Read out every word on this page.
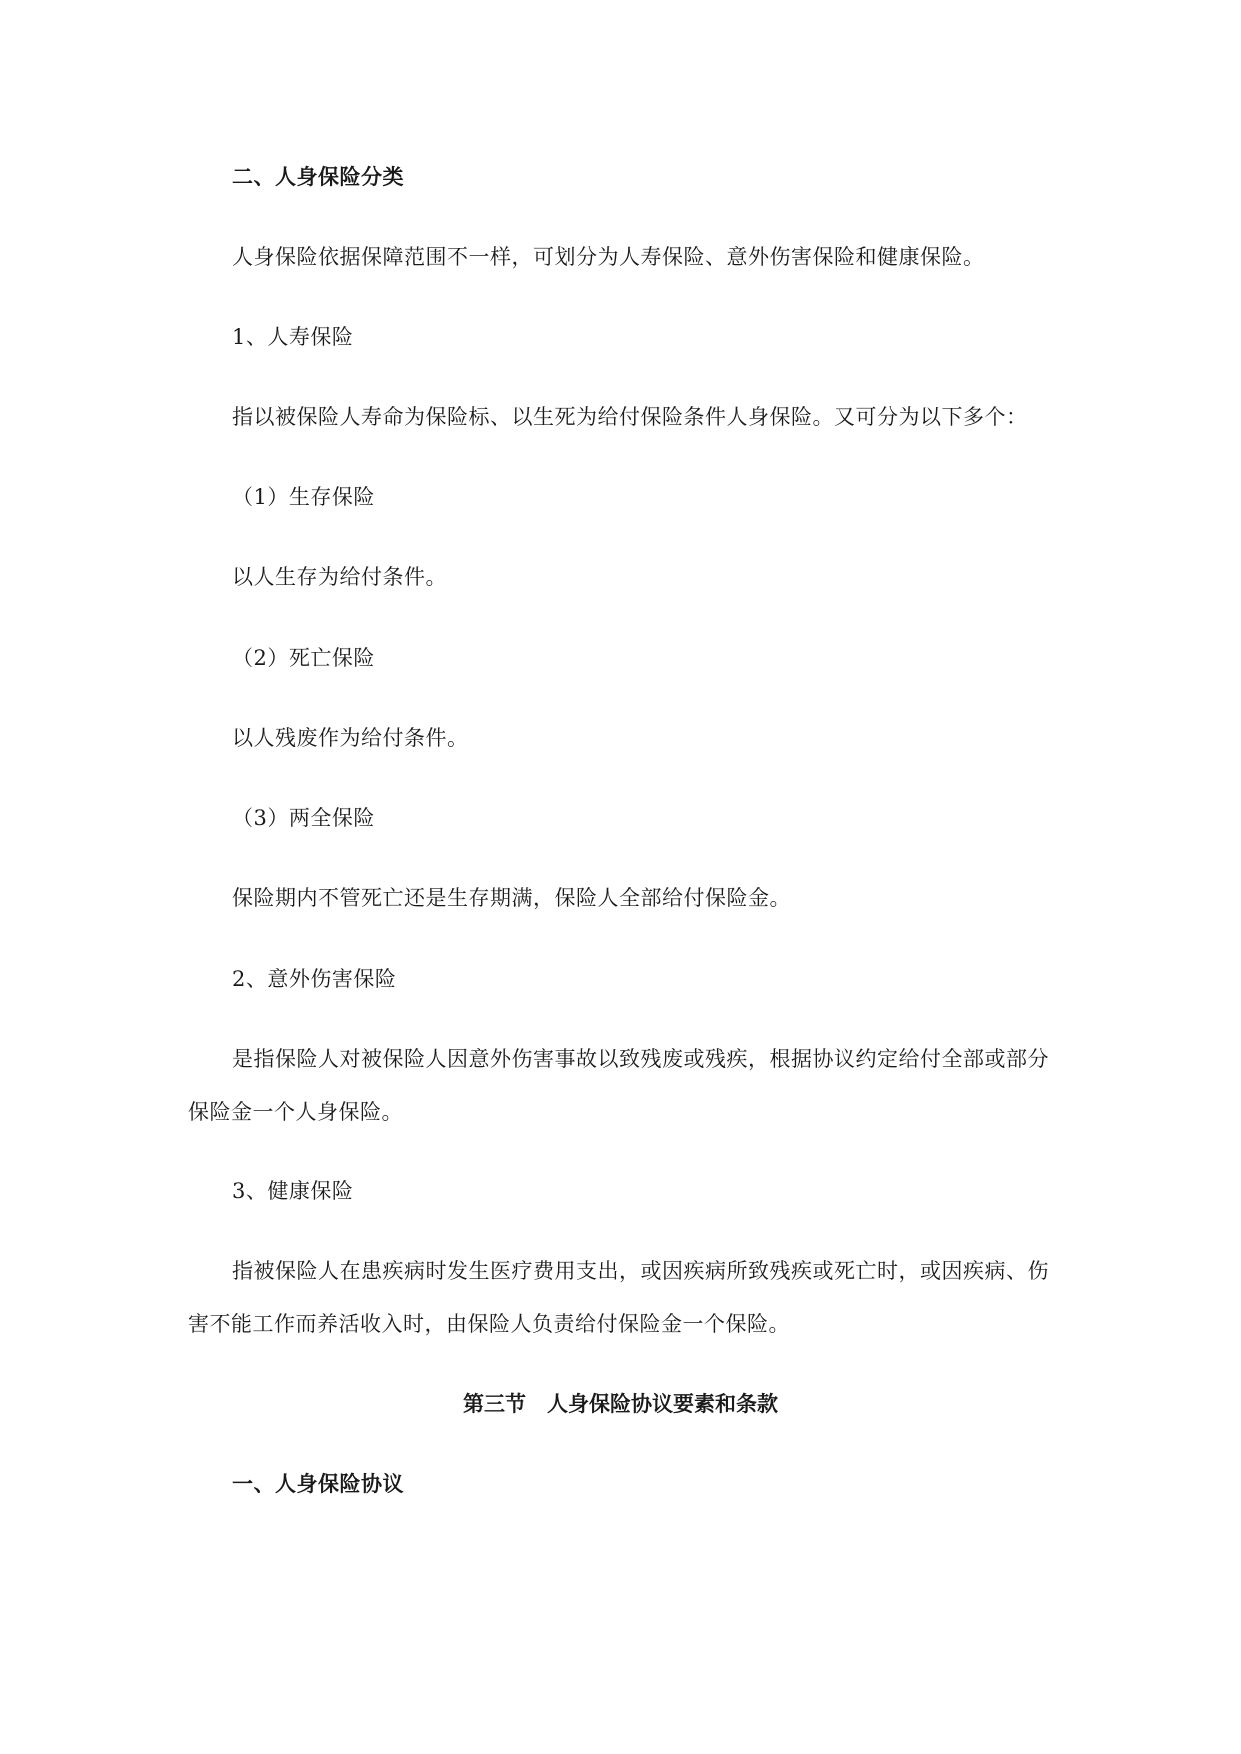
二、人身保险分类
人身保险依据保障范围不一样，可划分为人寿保险、意外伤害保险和健康保险。
1、人寿保险
指以被保险人寿命为保险标、以生死为给付保险条件人身保险。又可分为以下多个：
（1）生存保险
以人生存为给付条件。
（2）死亡保险
以人残废作为给付条件。
（3）两全保险
保险期内不管死亡还是生存期满，保险人全部给付保险金。
2、意外伤害保险
是指保险人对被保险人因意外伤害事故以致残废或残疾，根据协议约定给付全部或部分
保险金一个人身保险。
3、健康保险
指被保险人在患疾病时发生医疗费用支出，或因疾病所致残疾或死亡时，或因疾病、伤
害不能工作而养活收入时，由保险人负责给付保险金一个保险。
第三节　人身保险协议要素和条款
一、人身保险协议
